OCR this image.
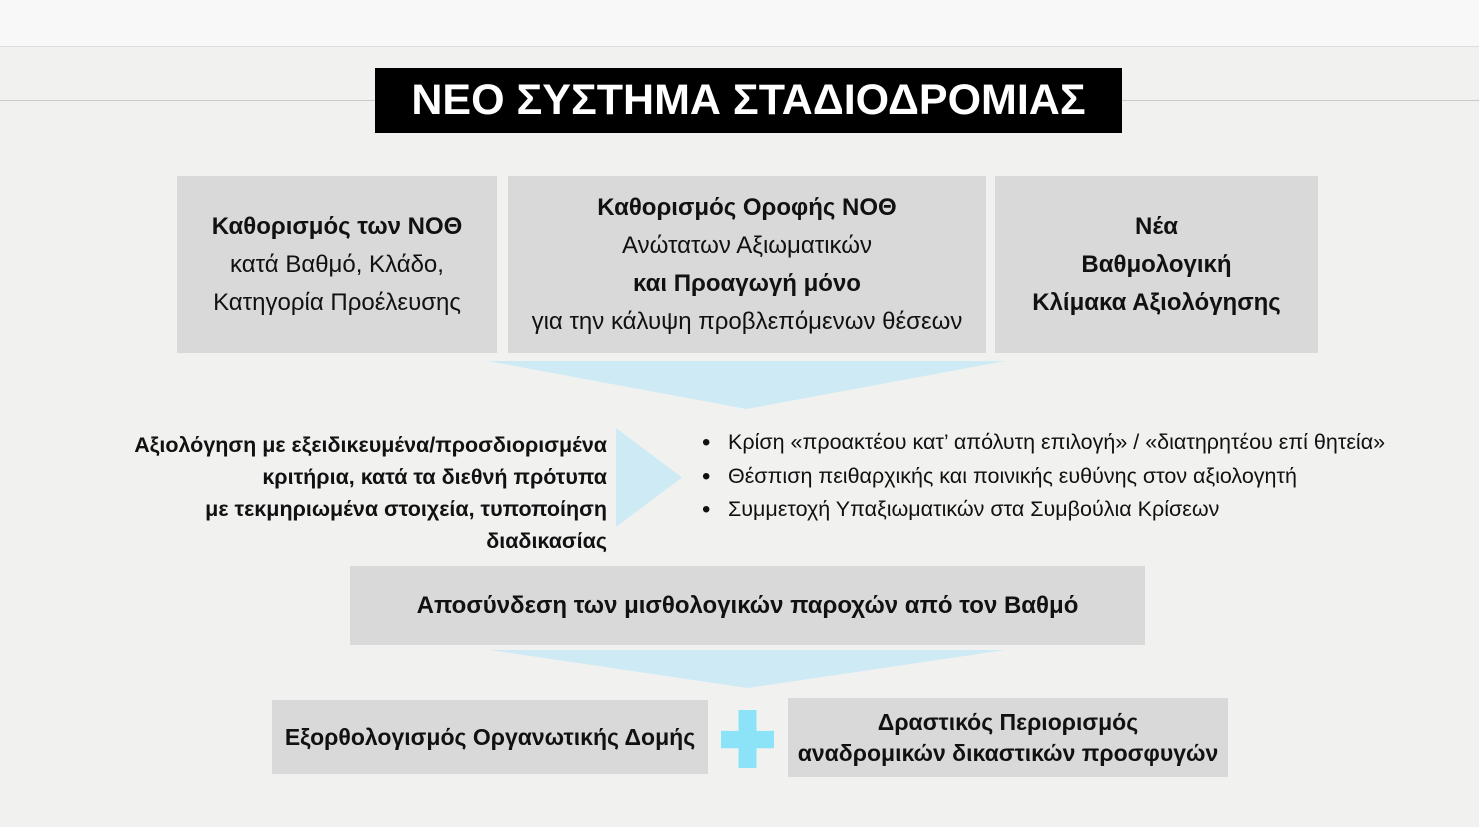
ΝΕΟ ΣΥΣΤΗΜΑ ΣΤΑΔΙΟΔΡΟΜΙΑΣ
Καθορισμός των ΝΟΘ
κατά Βαθμό, Κλάδο,
Κατηγορία Προέλευσης
Καθορισμός Οροφής ΝΟΘ
Ανώτατων Αξιωματικών
και Προαγωγή μόνο
για την κάλυψη προβλεπόμενων θέσεων
Νέα
Βαθμολογική
Κλίμακα Αξιολόγησης
Αξιολόγηση με εξειδικευμένα/προσδιορισμένα
κριτήρια, κατά τα διεθνή πρότυπα
με τεκμηριωμένα στοιχεία, τυποποίηση διαδικασίας
• Κρίση «προακτέου κατ’ απόλυτη επιλογή» / «διατηρητέου επί θητεία»
• Θέσπιση πειθαρχικής και ποινικής ευθύνης στον αξιολογητή
• Συμμετοχή Υπαξιωματικών στα Συμβούλια Κρίσεων
Αποσύνδεση των μισθολογικών παροχών από τον Βαθμό
Εξορθολογισμός Οργανωτικής Δομής
Δραστικός Περιορισμός
αναδρομικών δικαστικών προσφυγών
